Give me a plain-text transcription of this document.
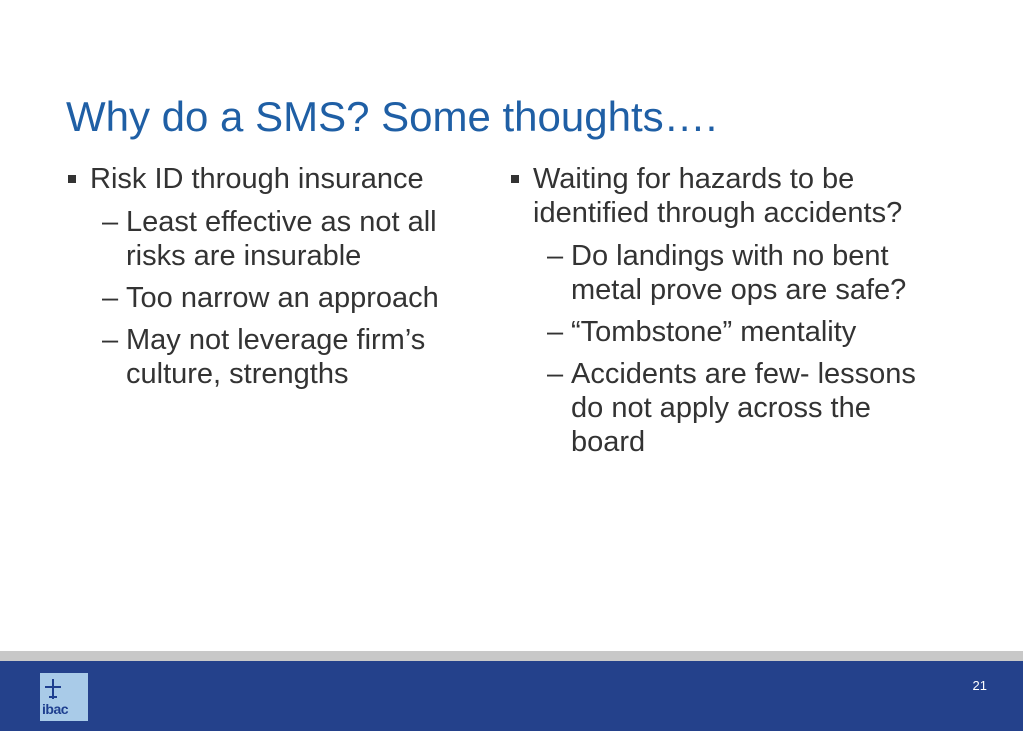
Why do a SMS? Some thoughts….
Risk ID through insurance
– Least effective as not all risks are insurable
– Too narrow an approach
– May not leverage firm’s culture, strengths
Waiting for hazards to be identified through accidents?
– Do landings with no bent metal prove ops are safe?
– “Tombstone” mentality
– Accidents are few- lessons do not apply across the board
ibac
21
